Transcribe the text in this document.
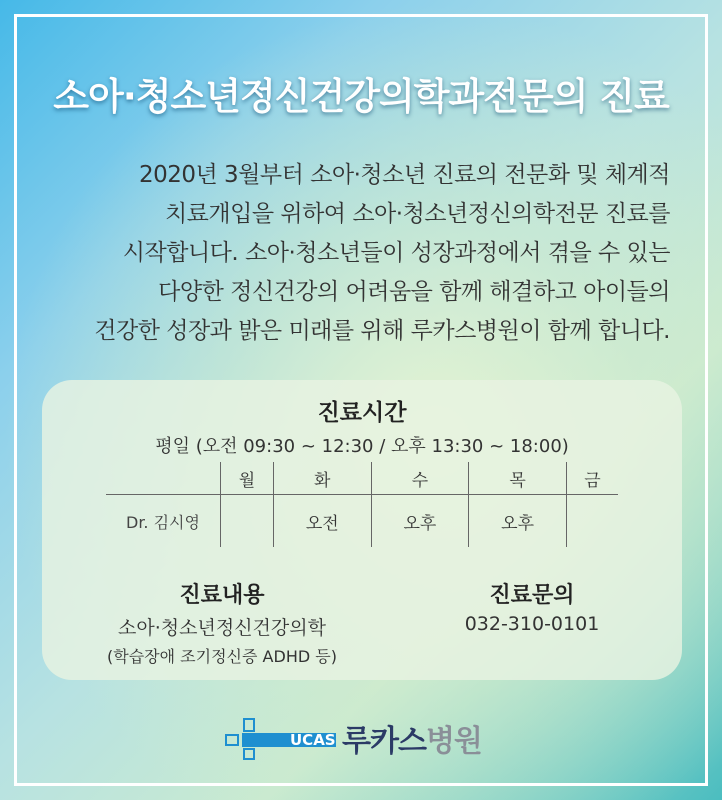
소아·청소년정신건강의학과전문의 진료
2020년 3월부터 소아·청소년 진료의 전문화 및 체계적
치료개입을 위하여 소아·청소년정신의학전문 진료를
시작합니다. 소아·청소년들이 성장과정에서 겪을 수 있는
다양한 정신건강의 어려움을 함께 해결하고 아이들의
건강한 성장과 밝은 미래를 위해 루카스병원이 함께 합니다.
진료시간
평일 (오전 09:30 ~ 12:30 / 오후 13:30 ~ 18:00)
	월	화	수	목	금
Dr. 김시영		오전	오후	오후	
진료내용
소아·청소년정신건강의학
(학습장애 조기정신증 ADHD 등)
진료문의
032-310-0101
UCAS 루카스병원
